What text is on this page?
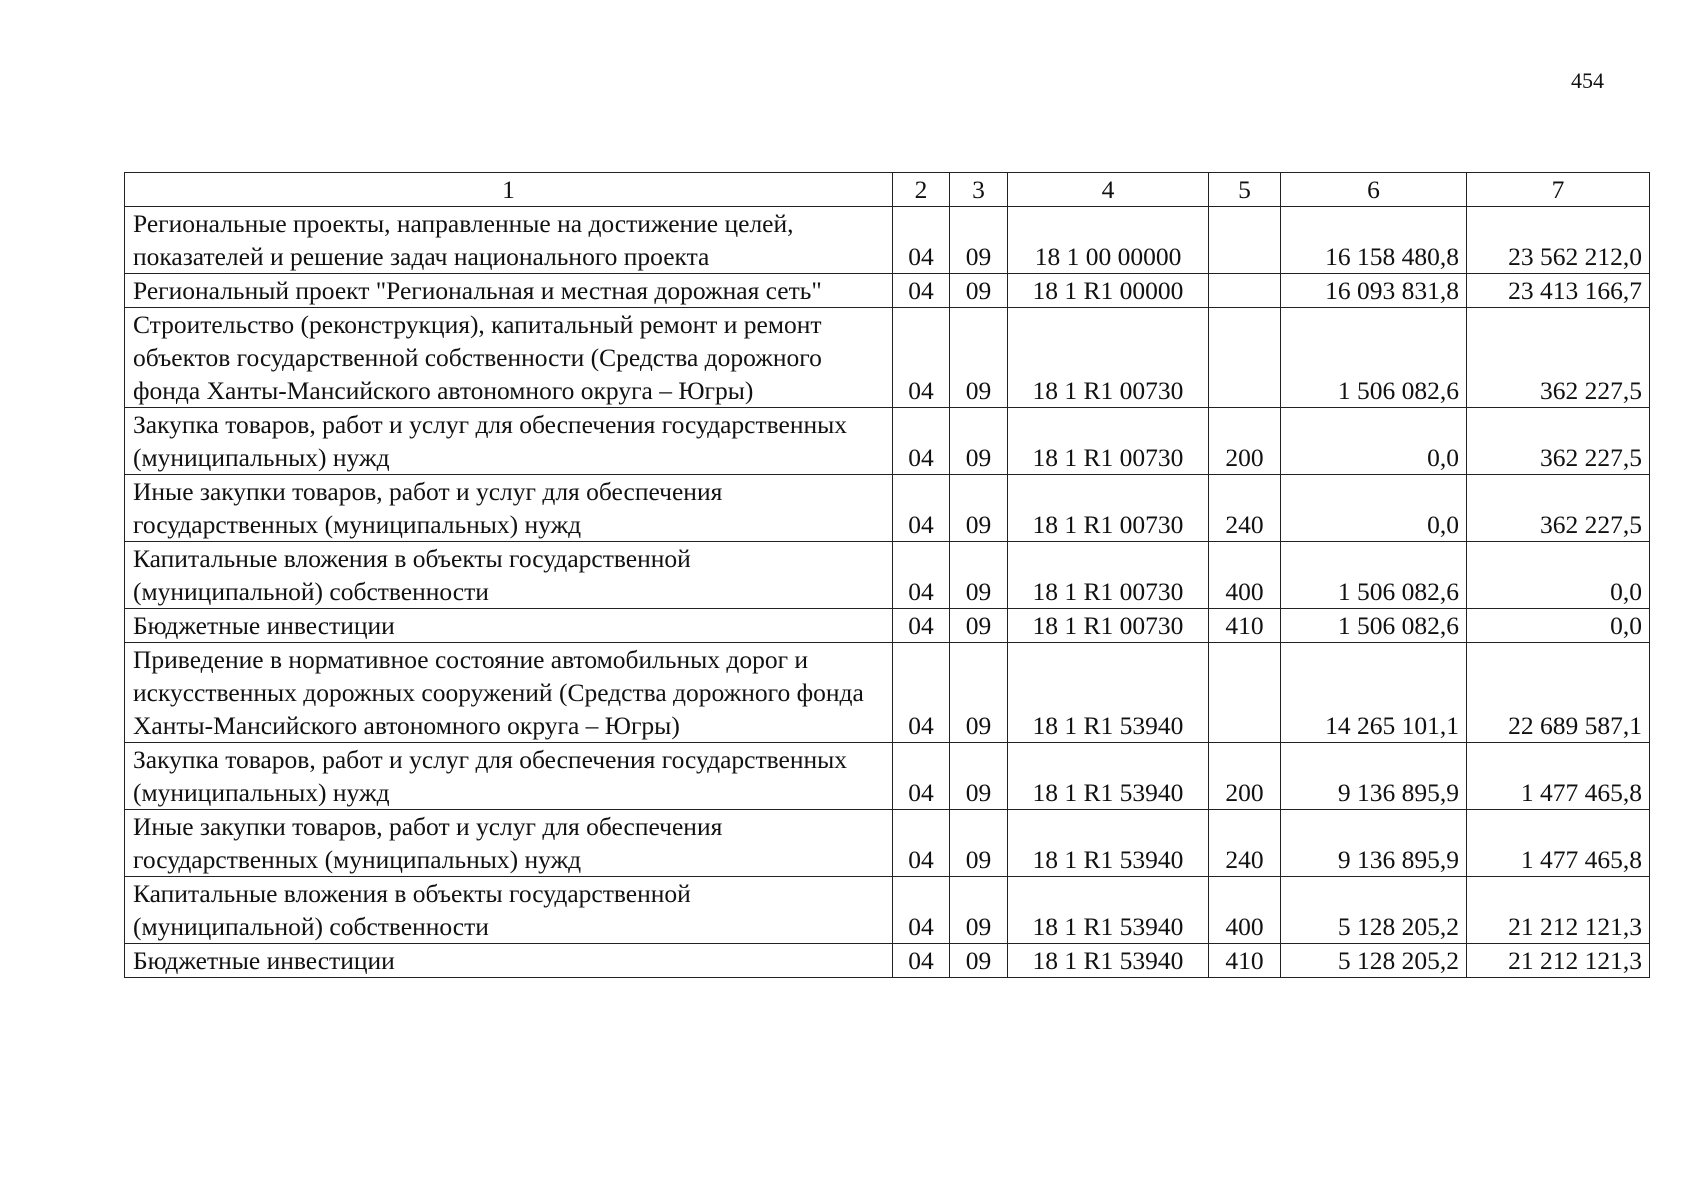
454
1	2	3	4	5	6	7
Региональные проекты, направленные на достижение целей, показателей и решение задач национального проекта	04	09	18 1 00 00000		16 158 480,8	23 562 212,0
Региональный проект "Региональная и местная дорожная сеть"	04	09	18 1 R1 00000		16 093 831,8	23 413 166,7
Строительство (реконструкция), капитальный ремонт и ремонт объектов государственной собственности (Средства дорожного фонда Ханты-Мансийского автономного округа – Югры)	04	09	18 1 R1 00730		1 506 082,6	362 227,5
Закупка товаров, работ и услуг для обеспечения государственных (муниципальных) нужд	04	09	18 1 R1 00730	200	0,0	362 227,5
Иные закупки товаров, работ и услуг для обеспечения государственных (муниципальных) нужд	04	09	18 1 R1 00730	240	0,0	362 227,5
Капитальные вложения в объекты государственной (муниципальной) собственности	04	09	18 1 R1 00730	400	1 506 082,6	0,0
Бюджетные инвестиции	04	09	18 1 R1 00730	410	1 506 082,6	0,0
Приведение в нормативное состояние автомобильных дорог и искусственных дорожных сооружений (Средства дорожного фонда Ханты-Мансийского автономного округа – Югры)	04	09	18 1 R1 53940		14 265 101,1	22 689 587,1
Закупка товаров, работ и услуг для обеспечения государственных (муниципальных) нужд	04	09	18 1 R1 53940	200	9 136 895,9	1 477 465,8
Иные закупки товаров, работ и услуг для обеспечения государственных (муниципальных) нужд	04	09	18 1 R1 53940	240	9 136 895,9	1 477 465,8
Капитальные вложения в объекты государственной (муниципальной) собственности	04	09	18 1 R1 53940	400	5 128 205,2	21 212 121,3
Бюджетные инвестиции	04	09	18 1 R1 53940	410	5 128 205,2	21 212 121,3
